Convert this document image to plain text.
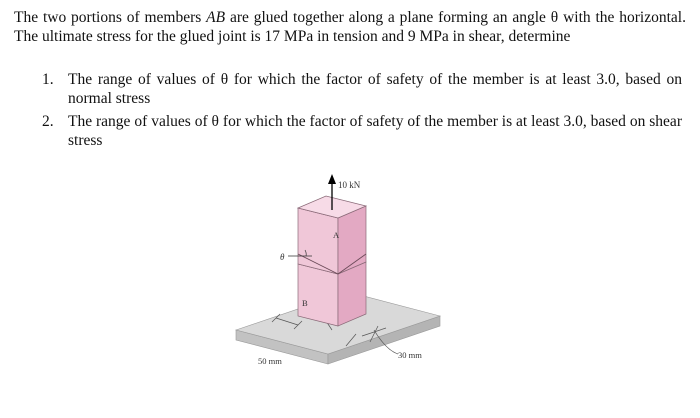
The two portions of members AB are glued together along a plane forming an angle θ with the horizontal. The ultimate stress for the glued joint is 17 MPa in tension and 9 MPa in shear, determine
1. The range of values of θ for which the factor of safety of the member is at least 3.0, based on normal stress
2. The range of values of θ for which the factor of safety of the member is at least 3.0, based on shear stress
10 kN
A
B
θ
50 mm
30 mm
